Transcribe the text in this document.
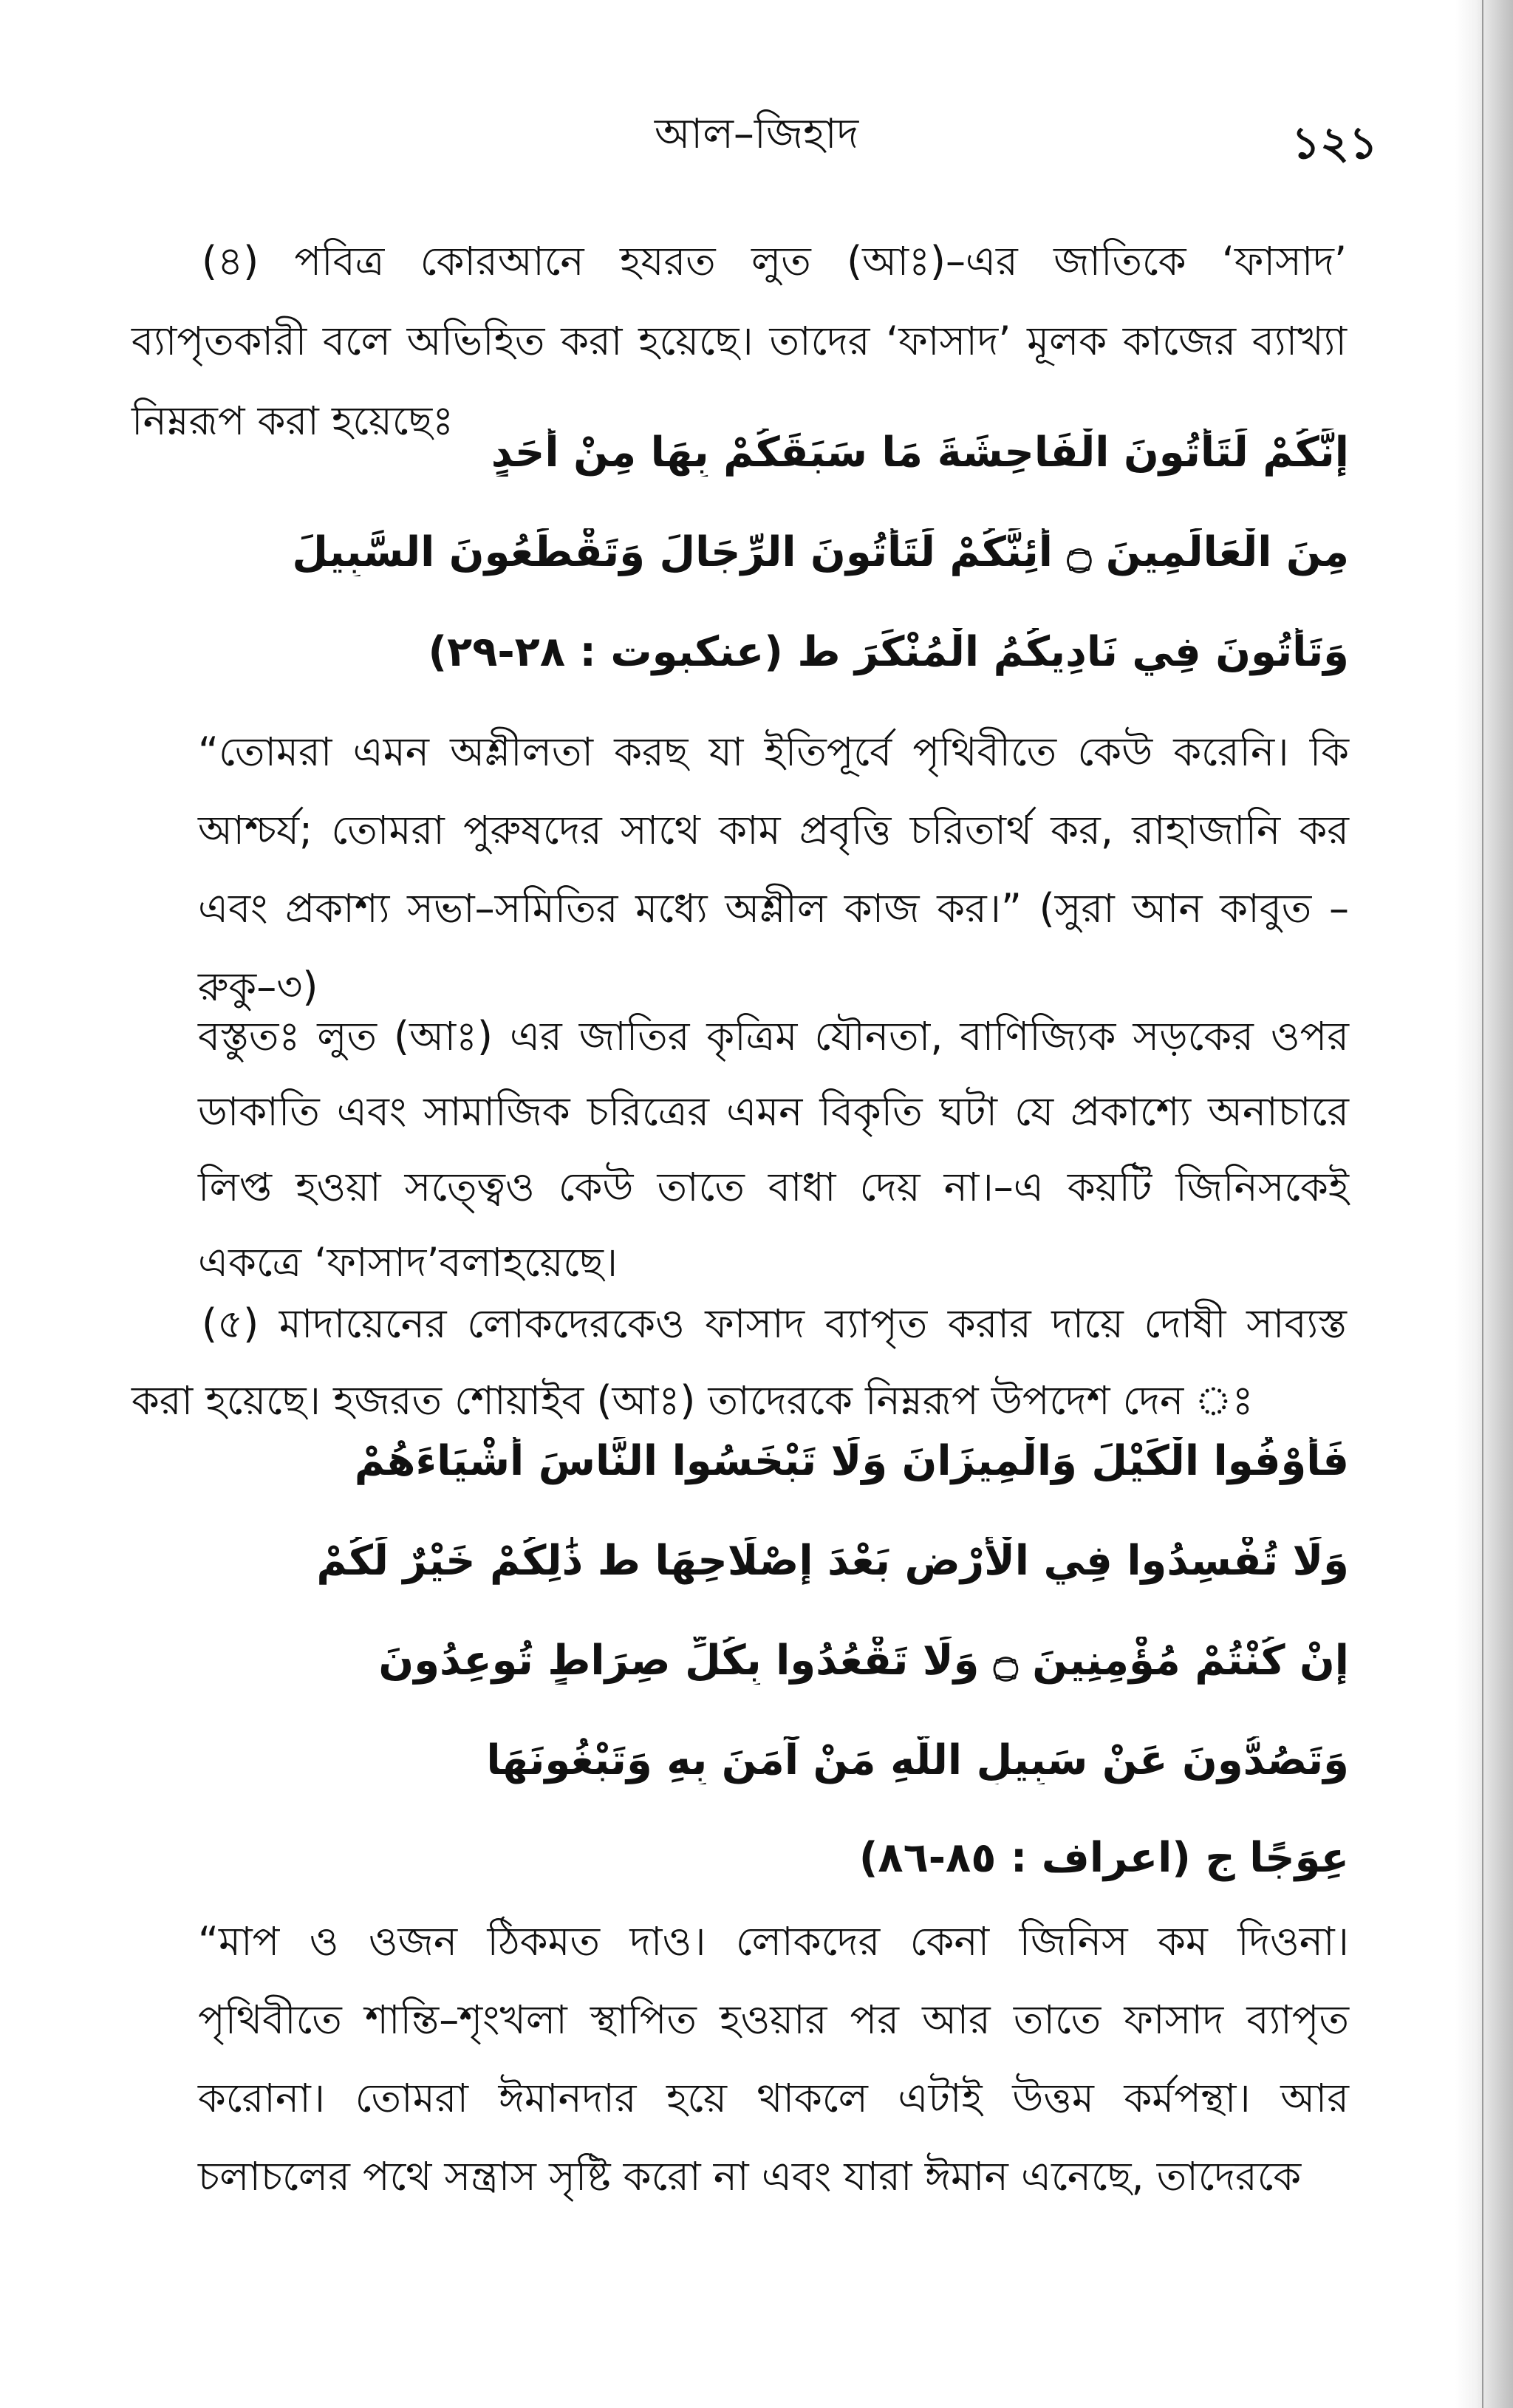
আল–জিহাদ	১২১

(৪) পবিত্র কোরআনে হযরত লুত (আঃ)–এর জাতিকে ‘ফাসাদ’ ব্যাপৃতকারী বলে অভিহিত করা হয়েছে। তাদের ‘ফাসাদ’ মূলক কাজের ব্যাখ্যা নিম্নরূপ করা হয়েছেঃ

إِنَّكُمْ لَتَأْتُونَ الْفَاحِشَةَ مَا سَبَقَكُمْ بِهَا مِنْ أَحَدٍ
مِنَ الْعَالَمِينَ ۝ أَئِنَّكُمْ لَتَأْتُونَ الرِّجَالَ وَتَقْطَعُونَ السَّبِيلَ
وَتَأْتُونَ فِي نَادِيكُمُ الْمُنْكَرَ ط (عنكبوت : ٢٨-٢٩)

“তোমরা এমন অশ্লীলতা করছ যা ইতিপূর্বে পৃথিবীতে কেউ করেনি। কি আশ্চর্য; তোমরা পুরুষদের সাথে কাম প্রবৃত্তি চরিতার্থ কর, রাহাজানি কর এবং প্রকাশ্য সভা–সমিতির মধ্যে অশ্লীল কাজ কর।” (সুরা আন কাবুত –রুকু–৩)

বস্তুতঃ লুত (আঃ) এর জাতির কৃত্রিম যৌনতা, বাণিজ্যিক সড়কের ওপর ডাকাতি এবং সামাজিক চরিত্রের এমন বিকৃতি ঘটা যে প্রকাশ্যে অনাচারে লিপ্ত হওয়া সত্ত্বেও কেউ তাতে বাধা দেয় না।–এ কয়টি জিনিসকেই একত্রে ‘ফাসাদ’বলাহয়েছে।

(৫) মাদায়েনের লোকদেরকেও ফাসাদ ব্যাপৃত করার দায়ে দোষী সাব্যস্ত করা হয়েছে। হজরত শোয়াইব (আঃ) তাদেরকে নিম্নরূপ উপদেশ দেন ঃ

فَأَوْفُوا الْكَيْلَ وَالْمِيزَانَ وَلَا تَبْخَسُوا النَّاسَ أَشْيَاءَهُمْ
وَلَا تُفْسِدُوا فِي الْأَرْضِ بَعْدَ إِصْلَاحِهَا ط ذَٰلِكُمْ خَيْرٌ لَكُمْ
إِنْ كُنْتُمْ مُؤْمِنِينَ ۝ وَلَا تَقْعُدُوا بِكُلِّ صِرَاطٍ تُوعِدُونَ
وَتَصُدُّونَ عَنْ سَبِيلِ اللَّهِ مَنْ آمَنَ بِهِ وَتَبْغُونَهَا
عِوَجًا ج (اعراف : ٨٥-٨٦)

“মাপ ও ওজন ঠিকমত দাও। লোকদের কেনা জিনিস কম দিওনা। পৃথিবীতে শান্তি–শৃংখলা স্থাপিত হওয়ার পর আর তাতে ফাসাদ ব্যাপৃত করোনা। তোমরা ঈমানদার হয়ে থাকলে এটাই উত্তম কর্মপন্থা। আর চলাচলের পথে সন্ত্রাস সৃষ্টি করো না এবং যারা ঈমান এনেছে, তাদেরকে
